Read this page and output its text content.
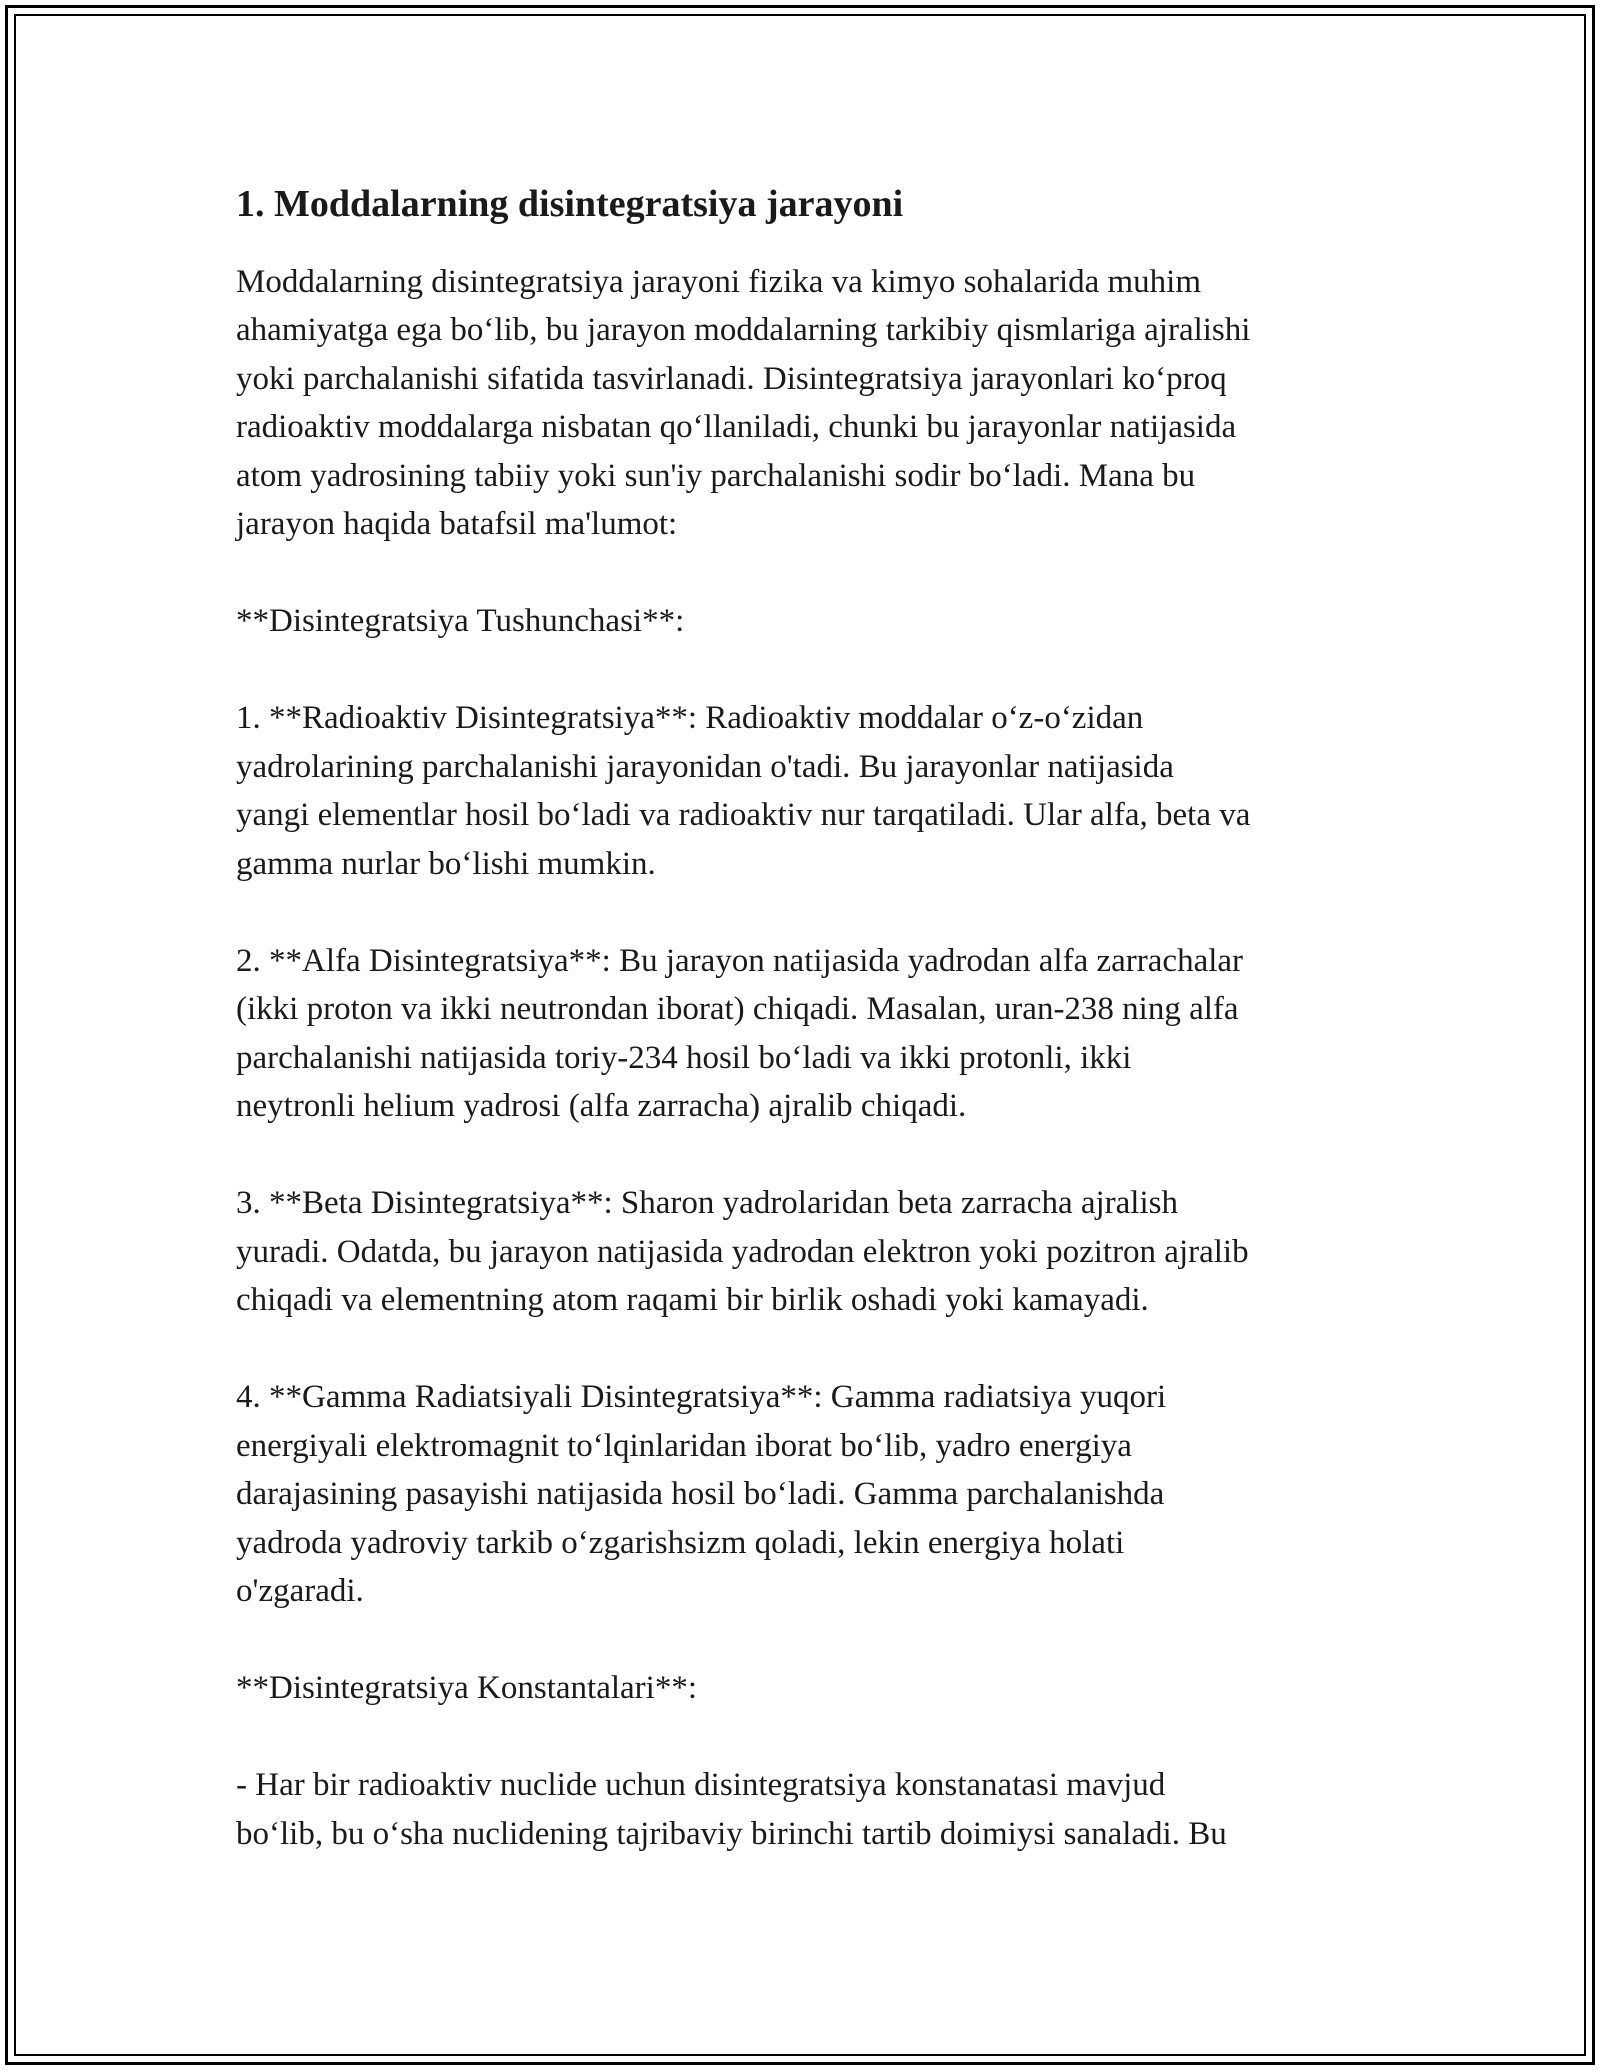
1. Moddalarning disintegratsiya jarayoni

Moddalarning disintegratsiya jarayoni fizika va kimyo sohalarida muhim
ahamiyatga ega bo‘lib, bu jarayon moddalarning tarkibiy qismlariga ajralishi
yoki parchalanishi sifatida tasvirlanadi. Disintegratsiya jarayonlari ko‘proq
radioaktiv moddalarga nisbatan qo‘llaniladi, chunki bu jarayonlar natijasida
atom yadrosining tabiiy yoki sun'iy parchalanishi sodir bo‘ladi. Mana bu
jarayon haqida batafsil ma'lumot:

**Disintegratsiya Tushunchasi**:

1. **Radioaktiv Disintegratsiya**: Radioaktiv moddalar o‘z-o‘zidan
yadrolarining parchalanishi jarayonidan o'tadi. Bu jarayonlar natijasida
yangi elementlar hosil bo‘ladi va radioaktiv nur tarqatiladi. Ular alfa, beta va
gamma nurlar bo‘lishi mumkin.

2. **Alfa Disintegratsiya**: Bu jarayon natijasida yadrodan alfa zarrachalar
(ikki proton va ikki neutrondan iborat) chiqadi. Masalan, uran-238 ning alfa
parchalanishi natijasida toriy-234 hosil bo‘ladi va ikki protonli, ikki
neytronli helium yadrosi (alfa zarracha) ajralib chiqadi.

3. **Beta Disintegratsiya**: Sharon yadrolaridan beta zarracha ajralish
yuradi. Odatda, bu jarayon natijasida yadrodan elektron yoki pozitron ajralib
chiqadi va elementning atom raqami bir birlik oshadi yoki kamayadi.

4. **Gamma Radiatsiyali Disintegratsiya**: Gamma radiatsiya yuqori
energiyali elektromagnit to‘lqinlaridan iborat bo‘lib, yadro energiya
darajasining pasayishi natijasida hosil bo‘ladi. Gamma parchalanishda
yadroda yadroviy tarkib o‘zgarishsizm qoladi, lekin energiya holati
o'zgaradi.

**Disintegratsiya Konstantalari**:

- Har bir radioaktiv nuclide uchun disintegratsiya konstanatasi mavjud
bo‘lib, bu o‘sha nuclidening tajribaviy birinchi tartib doimiysi sanaladi. Bu
